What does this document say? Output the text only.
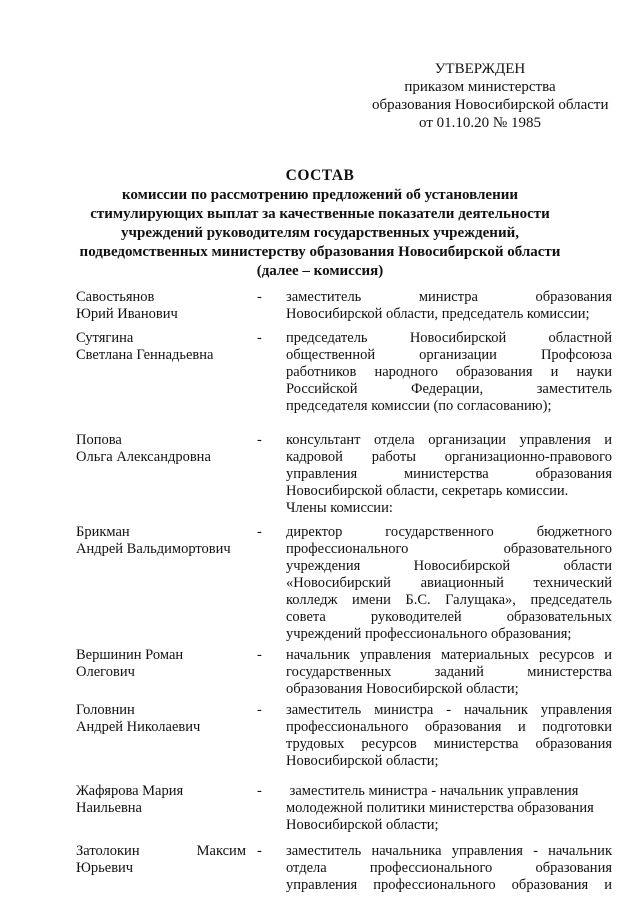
УТВЕРЖДЕН
приказом министерства
образования Новосибирской области
от 01.10.20 № 1985
СОСТАВ
комиссии по рассмотрению предложений об установлении
стимулирующих выплат за качественные показатели деятельности
учреждений руководителям государственных учреждений,
подведомственных министерству образования Новосибирской области
(далее – комиссия)
Савостьянов
Юрий Иванович
-	заместитель министра образования
Новосибирской области, председатель комиссии;
Сутягина
Светлана Геннадьевна
-	председатель Новосибирской областной
общественной организации Профсоюза
работников народного образования и науки
Российской Федерации, заместитель
председателя комиссии (по согласованию);
Попова
Ольга Александровна
-	консультант отдела организации управления и
кадровой работы организационно-правового
управления министерства образования
Новосибирской области, секретарь комиссии.
Члены комиссии:
Брикман
Андрей Вальдимортович
-	директор государственного бюджетного
профессионального образовательного
учреждения Новосибирской области
«Новосибирский авиационный технический
колледж имени Б.С. Галущака», председатель
совета руководителей образовательных
учреждений профессионального образования;
Вершинин Роман
Олегович
-	начальник управления материальных ресурсов и
государственных заданий министерства
образования Новосибирской области;
Головнин
Андрей Николаевич
-	заместитель министра - начальник управления
профессионального образования и подготовки
трудовых ресурсов министерства образования
Новосибирской области;
Жафярова Мария
Наильевна
-	заместитель министра - начальник управления
молодежной политики министерства образования
Новосибирской области;
Затолокин	Максим
Юрьевич
-	заместитель начальника управления - начальник
отдела профессионального образования
управления профессионального образования и
